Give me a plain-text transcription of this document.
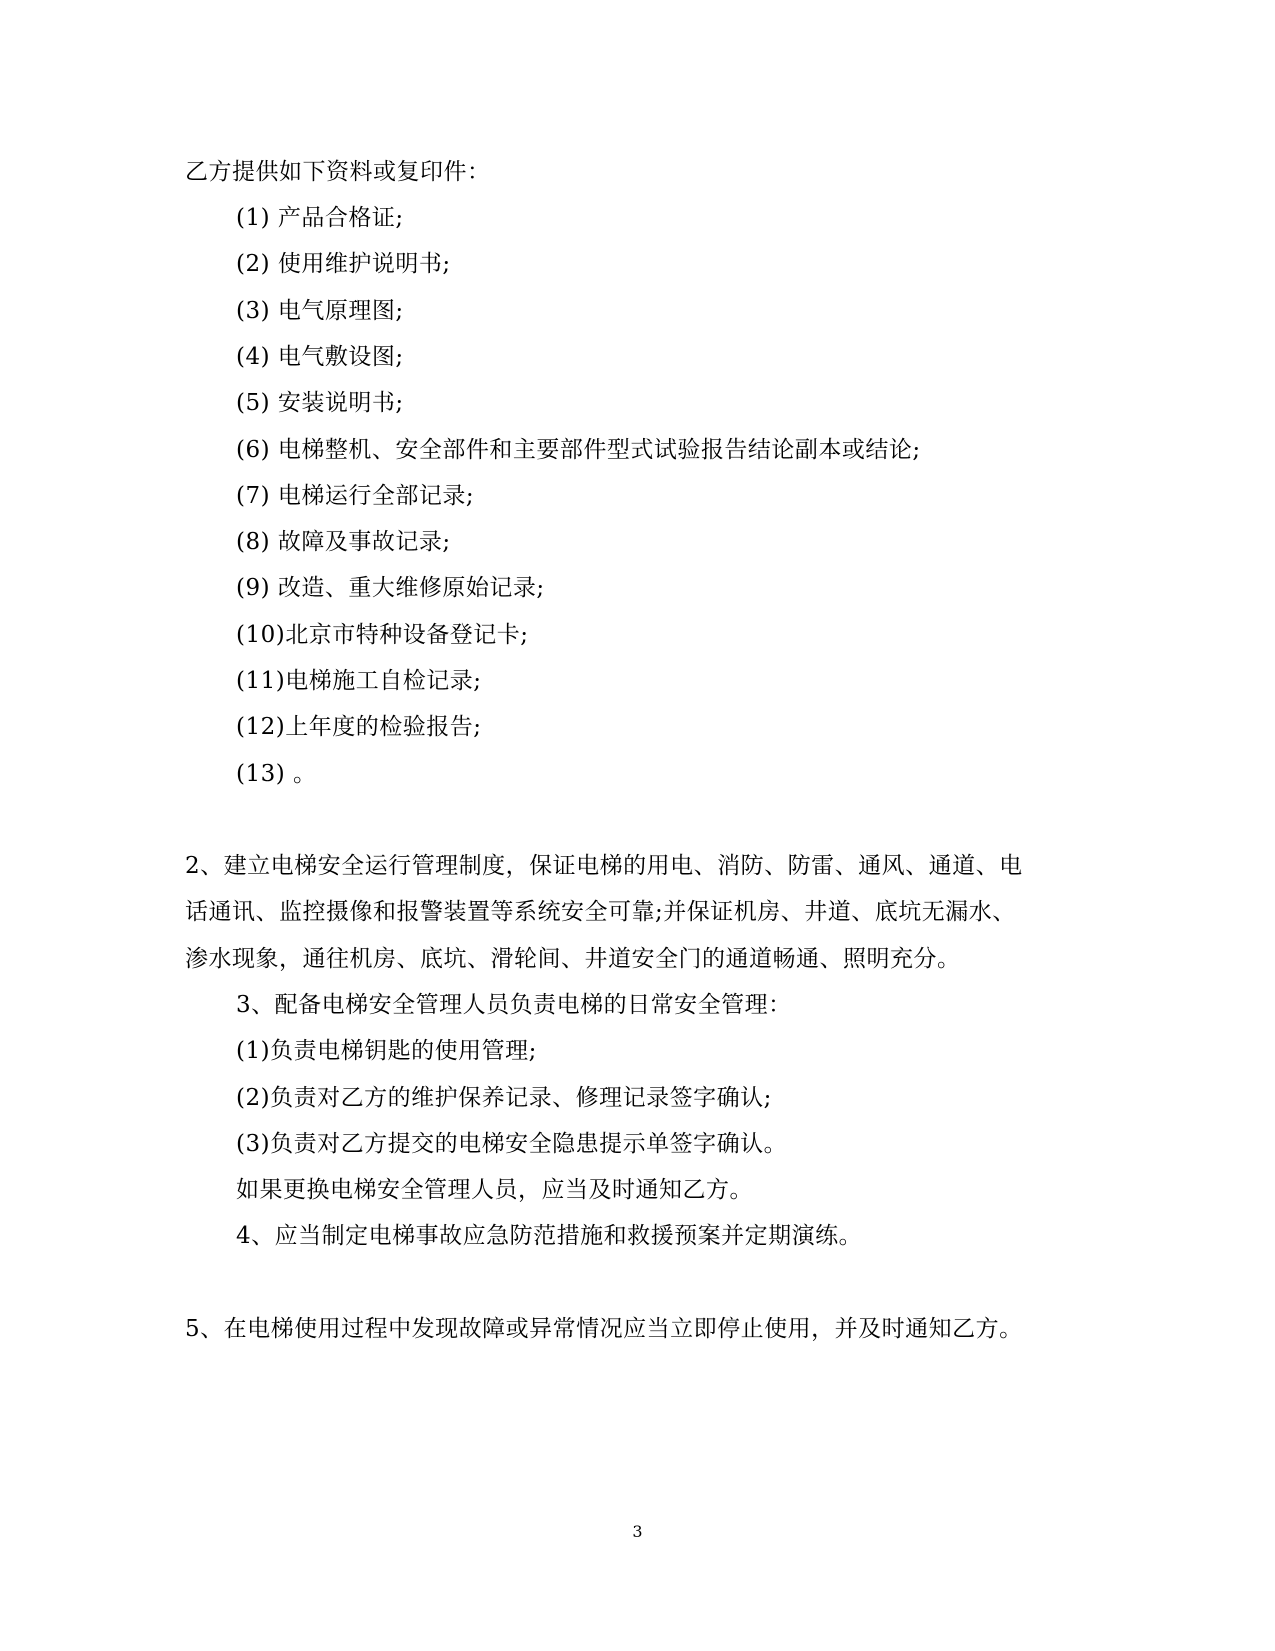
乙方提供如下资料或复印件：
(1) 产品合格证;
(2) 使用维护说明书;
(3) 电气原理图;
(4) 电气敷设图;
(5) 安装说明书;
(6) 电梯整机、安全部件和主要部件型式试验报告结论副本或结论;
(7) 电梯运行全部记录;
(8) 故障及事故记录;
(9) 改造、重大维修原始记录;
(10)北京市特种设备登记卡;
(11)电梯施工自检记录;
(12)上年度的检验报告;
(13) 。
2、建立电梯安全运行管理制度，保证电梯的用电、消防、防雷、通风、通道、电
话通讯、监控摄像和报警装置等系统安全可靠;并保证机房、井道、底坑无漏水、
渗水现象，通往机房、底坑、滑轮间、井道安全门的通道畅通、照明充分。
3、配备电梯安全管理人员负责电梯的日常安全管理：
(1)负责电梯钥匙的使用管理;
(2)负责对乙方的维护保养记录、修理记录签字确认;
(3)负责对乙方提交的电梯安全隐患提示单签字确认。
如果更换电梯安全管理人员，应当及时通知乙方。
4、应当制定电梯事故应急防范措施和救援预案并定期演练。
5、在电梯使用过程中发现故障或异常情况应当立即停止使用，并及时通知乙方。
3
